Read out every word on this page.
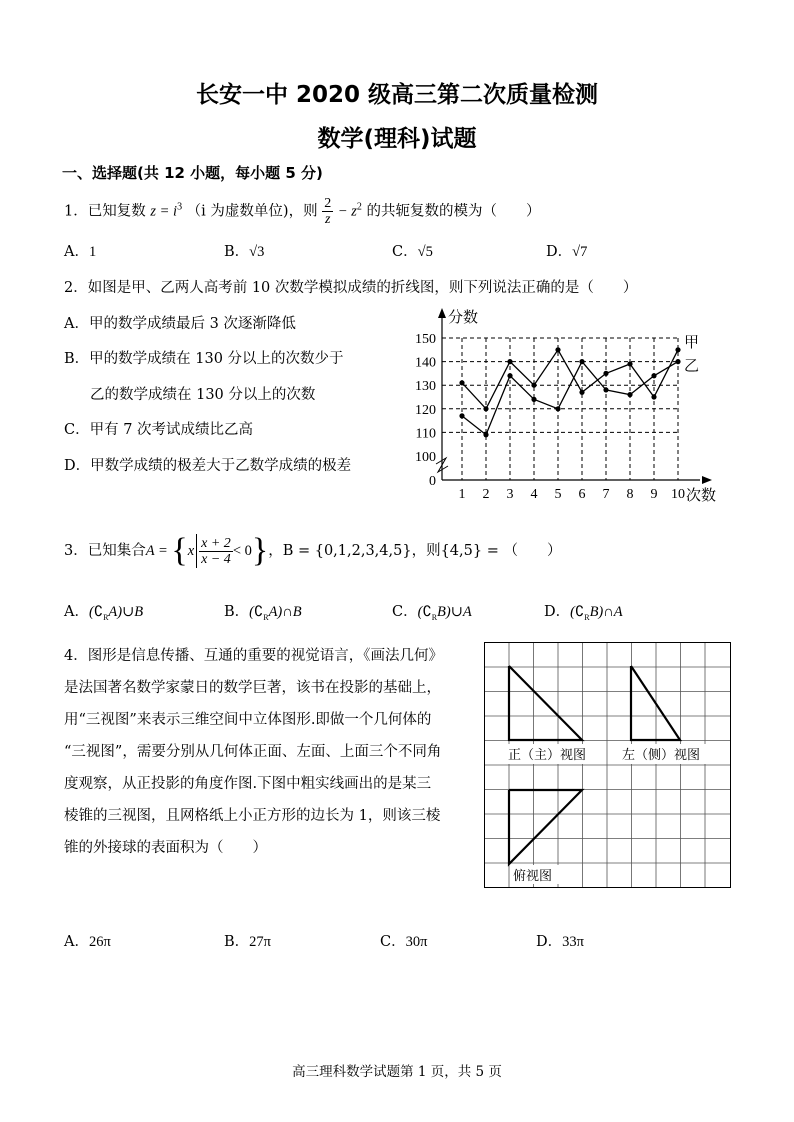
长安一中 2020 级高三第二次质量检测
数学(理科)试题
一、选择题(共 12 小题，每小题 5 分)
1．已知复数 $z = i^3$ （i 为虚数单位)，则 $\frac{2}{z} - z^2$ 的共轭复数的模为（　　）
A．1	B．√3	C．√5	D．√7
2．如图是甲、乙两人高考前 10 次数学模拟成绩的折线图，则下列说法正确的是（　　）
A．甲的数学成绩最后 3 次逐渐降低
B．甲的数学成绩在 130 分以上的次数少于
乙的数学成绩在 130 分以上的次数
C．甲有 7 次考试成绩比乙高
D．甲数学成绩的极差大于乙数学成绩的极差
100
110
120
130
140
150
0
1 2 3 4 5 6 7 8 9 10
分数
次数
甲
乙
3．已知集合$A = \{x \frac{x + 2}{x - 4} < 0\}$，B = {0,1,2,3,4,5}，则{4,5} = （　　）
A．$(∁_RA)\cup B$	B．$(∁_RA)\cap B$	C．$(∁_RB)\cup A$	D．$(∁_RB)\cap A$
4．图形是信息传播、互通的重要的视觉语言，《画法几何》
是法国著名数学家蒙日的数学巨著，该书在投影的基础上，
用“三视图”来表示三维空间中立体图形.即做一个几何体的
“三视图”，需要分别从几何体正面、左面、上面三个不同角
度观察，从正投影的角度作图.下图中粗实线画出的是某三
棱锥的三视图，且网格纸上小正方形的边长为 1，则该三棱
锥的外接球的表面积为（　　）
正（主）视图	左（侧）视图
俯视图
A．26π	B．27π	C．30π	D．33π
高三理科数学试题第 1 页，共 5 页
